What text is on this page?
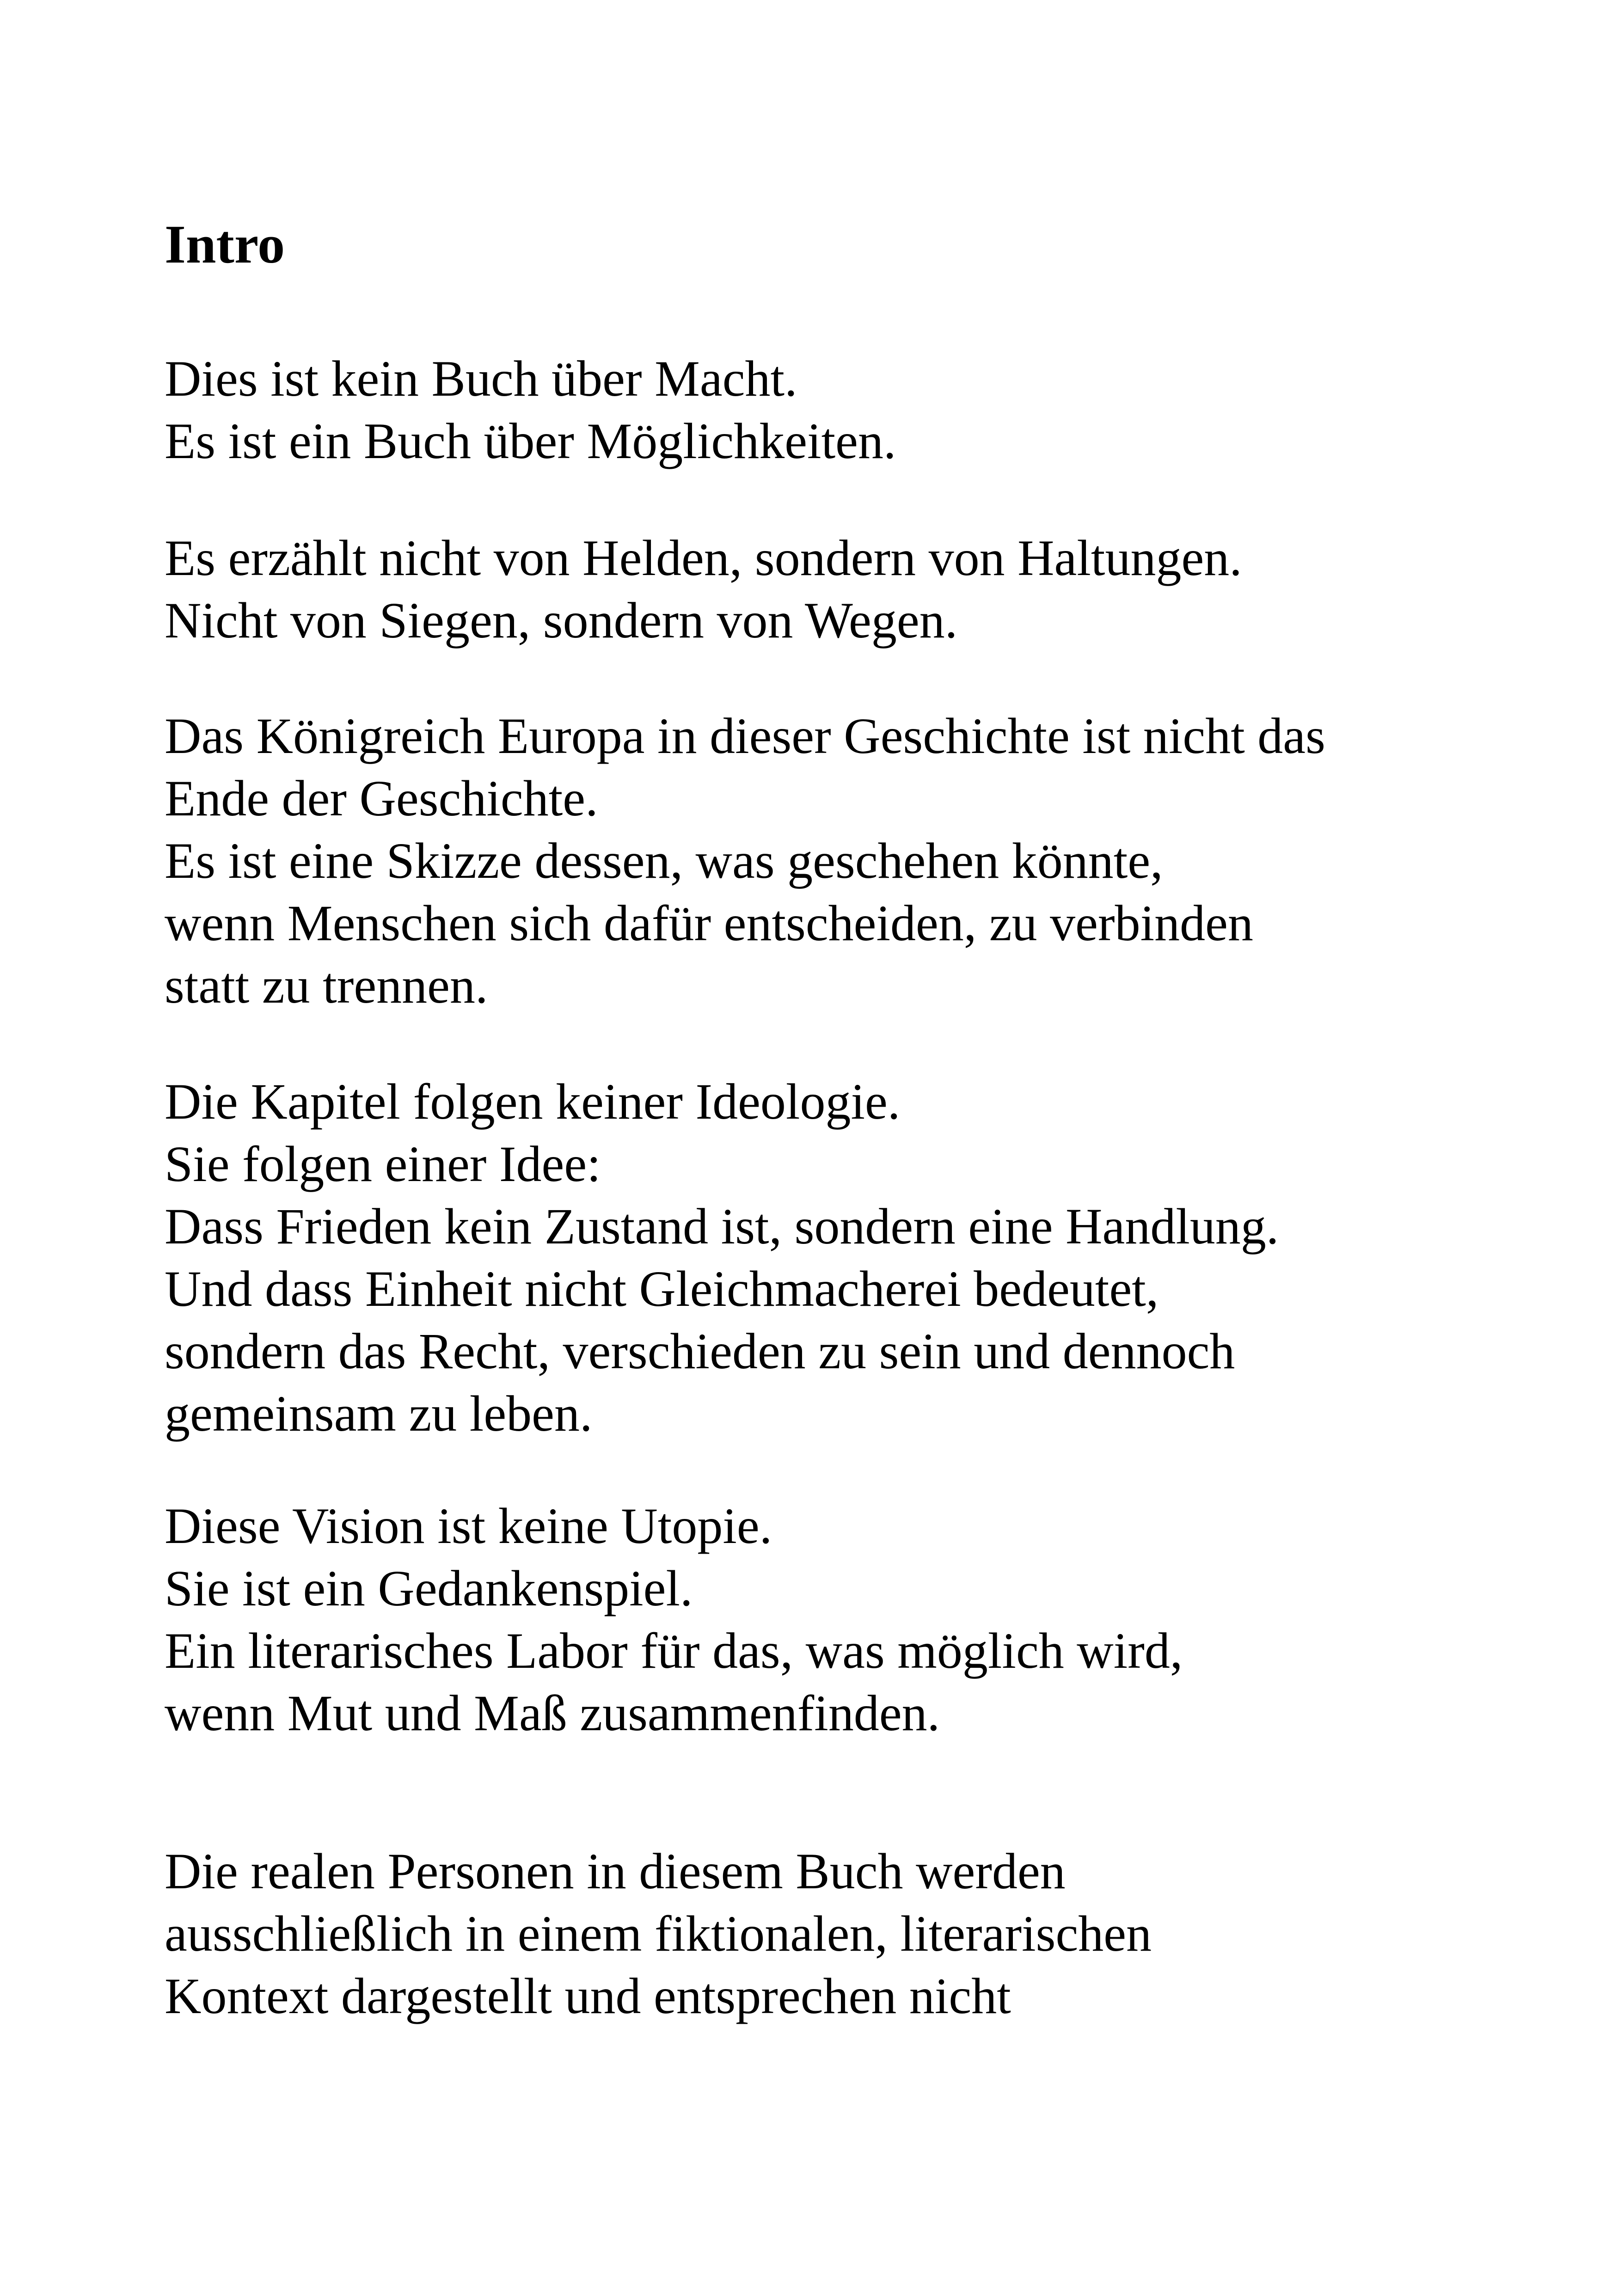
Intro

Dies ist kein Buch über Macht.
Es ist ein Buch über Möglichkeiten.

Es erzählt nicht von Helden, sondern von Haltungen.
Nicht von Siegen, sondern von Wegen.

Das Königreich Europa in dieser Geschichte ist nicht das
Ende der Geschichte.
Es ist eine Skizze dessen, was geschehen könnte,
wenn Menschen sich dafür entscheiden, zu verbinden
statt zu trennen.

Die Kapitel folgen keiner Ideologie.
Sie folgen einer Idee:
Dass Frieden kein Zustand ist, sondern eine Handlung.
Und dass Einheit nicht Gleichmacherei bedeutet,
sondern das Recht, verschieden zu sein und dennoch
gemeinsam zu leben.

Diese Vision ist keine Utopie.
Sie ist ein Gedankenspiel.
Ein literarisches Labor für das, was möglich wird,
wenn Mut und Maß zusammenfinden.

Die realen Personen in diesem Buch werden
ausschließlich in einem fiktionalen, literarischen
Kontext dargestellt und entsprechen nicht
